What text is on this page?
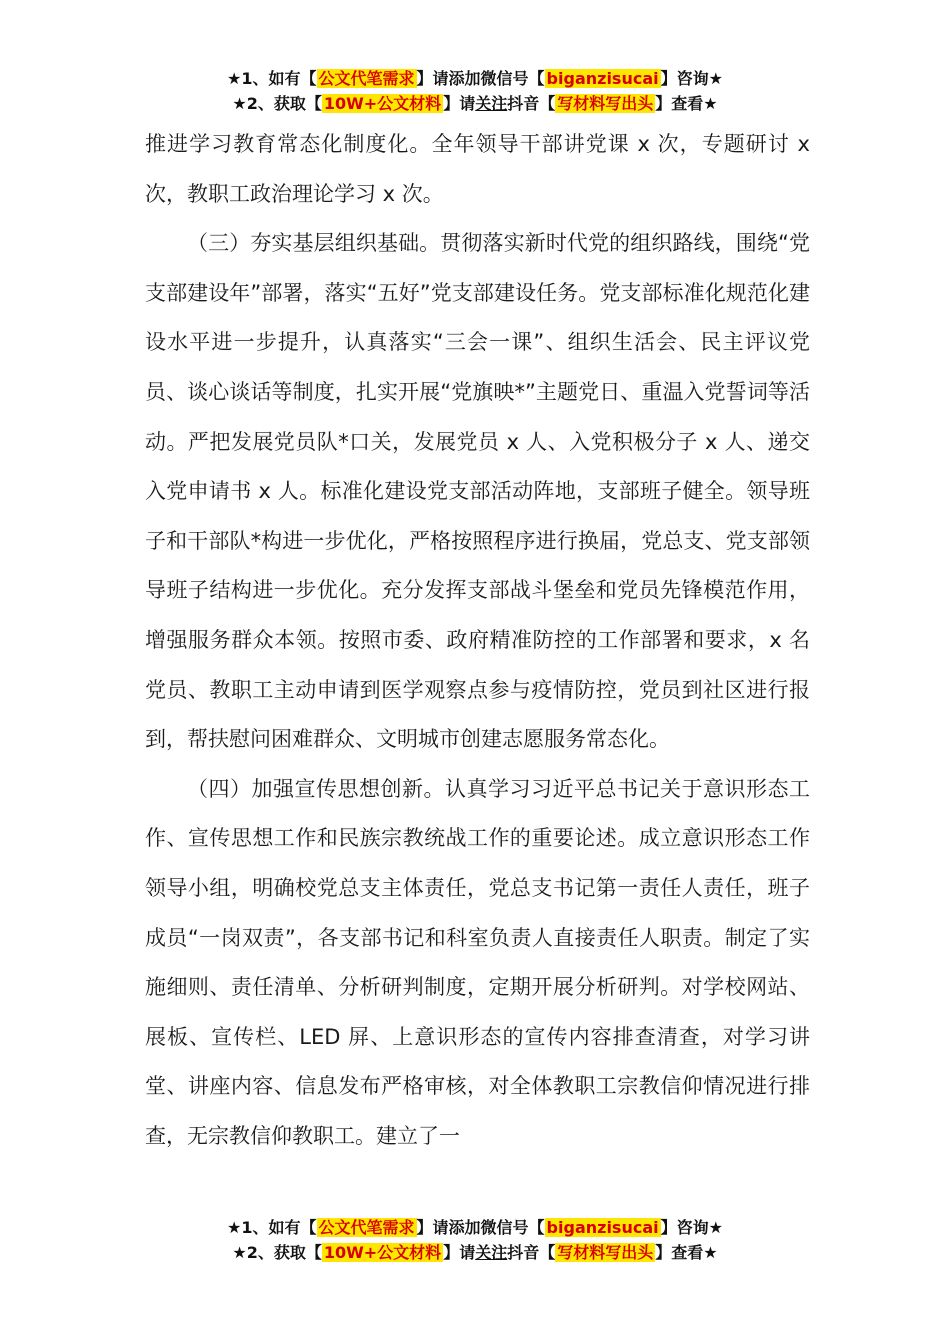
★1、如有【 公文代笔需求 】请添加微信号【 biganzisucai 】咨询★
★2、获取【 10W+公文材料 】请关注抖音【 写材料写出头 】查看★

推进学习教育常态化制度化。全年领导干部讲党课 x 次，专题研讨 x 次，教职工政治理论学习 x 次。

（三）夯实基层组织基础。贯彻落实新时代党的组织路线，围绕“党支部建设年”部署，落实“五好”党支部建设任务。党支部标准化规范化建设水平进一步提升，认真落实“三会一课”、组织生活会、民主评议党员、谈心谈话等制度，扎实开展“党旗映*”主题党日、重温入党誓词等活动。严把发展党员队*口关，发展党员 x 人、入党积极分子 x 人、递交入党申请书 x 人。标准化建设党支部活动阵地，支部班子健全。领导班子和干部队*构进一步优化，严格按照程序进行换届，党总支、党支部领导班子结构进一步优化。充分发挥支部战斗堡垒和党员先锋模范作用，增强服务群众本领。按照市委、政府精准防控的工作部署和要求，x 名党员、教职工主动申请到医学观察点参与疫情防控，党员到社区进行报到，帮扶慰问困难群众、文明城市创建志愿服务常态化。

（四）加强宣传思想创新。认真学习习近平总书记关于意识形态工作、宣传思想工作和民族宗教统战工作的重要论述。成立意识形态工作领导小组，明确校党总支主体责任，党总支书记第一责任人责任，班子成员“一岗双责”，各支部书记和科室负责人直接责任人职责。制定了实施细则、责任清单、分析研判制度，定期开展分析研判。对学校网站、展板、宣传栏、LED 屏、上意识形态的宣传内容排查清查，对学习讲堂、讲座内容、信息发布严格审核，对全体教职工宗教信仰情况进行排查，无宗教信仰教职工。建立了一

★1、如有【 公文代笔需求 】请添加微信号【 biganzisucai 】咨询★
★2、获取【 10W+公文材料 】请关注抖音【 写材料写出头 】查看★
